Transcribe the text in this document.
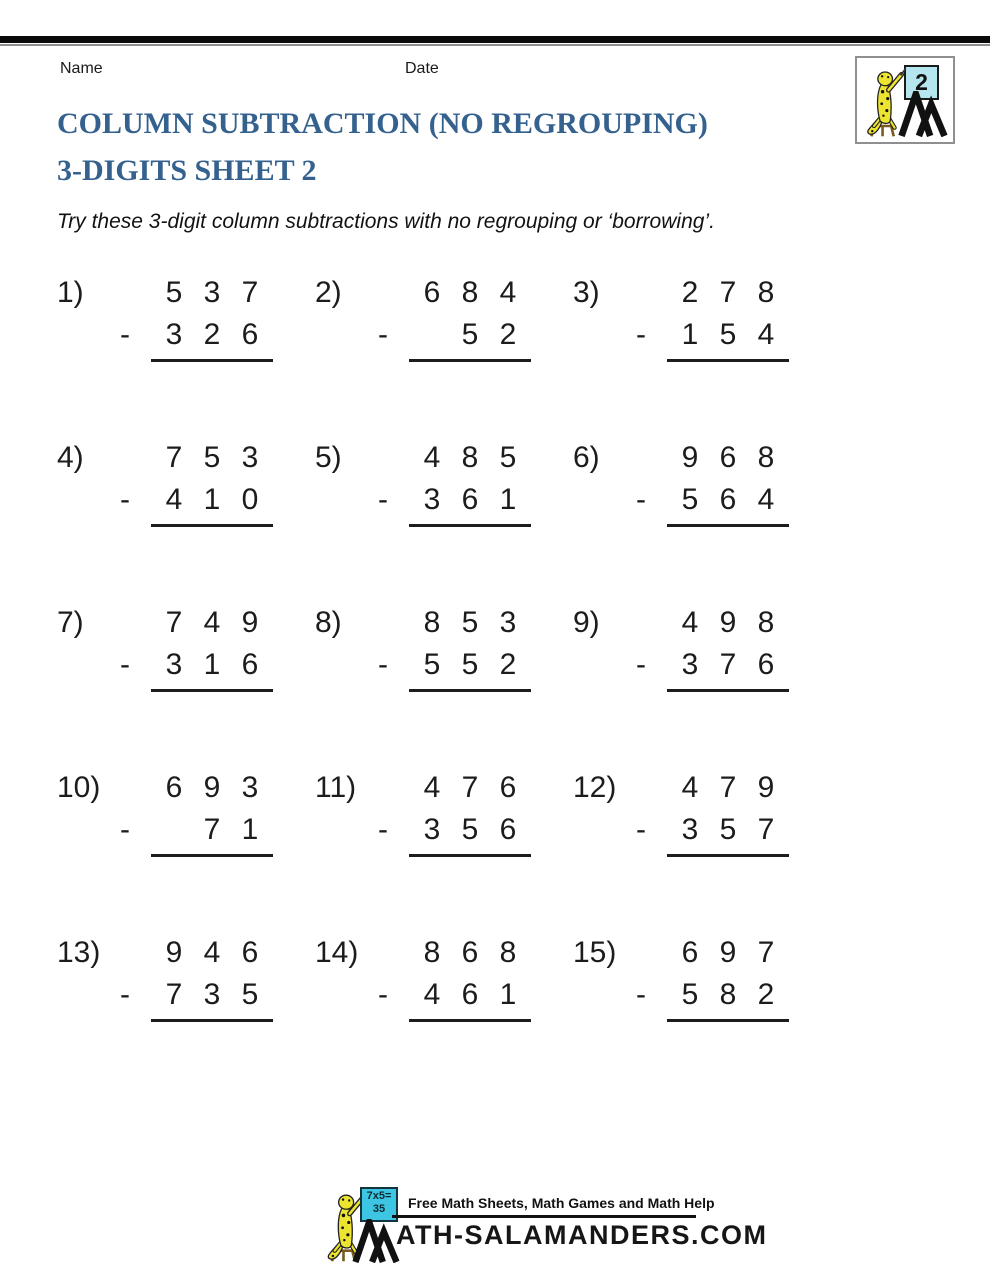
Name	Date
2
COLUMN SUBTRACTION (NO REGROUPING)
3-DIGITS SHEET 2
Try these 3-digit column subtractions with no regrouping or ‘borrowing’.
1)
-
5 3 7
3 2 6
2)
-
6 8 4
5 2
3)
-
2 7 8
1 5 4
4)
-
7 5 3
4 1 0
5)
-
4 8 5
3 6 1
6)
-
9 6 8
5 6 4
7)
-
7 4 9
3 1 6
8)
-
8 5 3
5 5 2
9)
-
4 9 8
3 7 6
10)
-
6 9 3
7 1
11)
-
4 7 6
3 5 6
12)
-
4 7 9
3 5 7
13)
-
9 4 6
7 3 5
14)
-
8 6 8
4 6 1
15)
-
6 9 7
5 8 2
7x5=
35	Free Math Sheets, Math Games and Math Help
ATH-SALAMANDERS.COM
